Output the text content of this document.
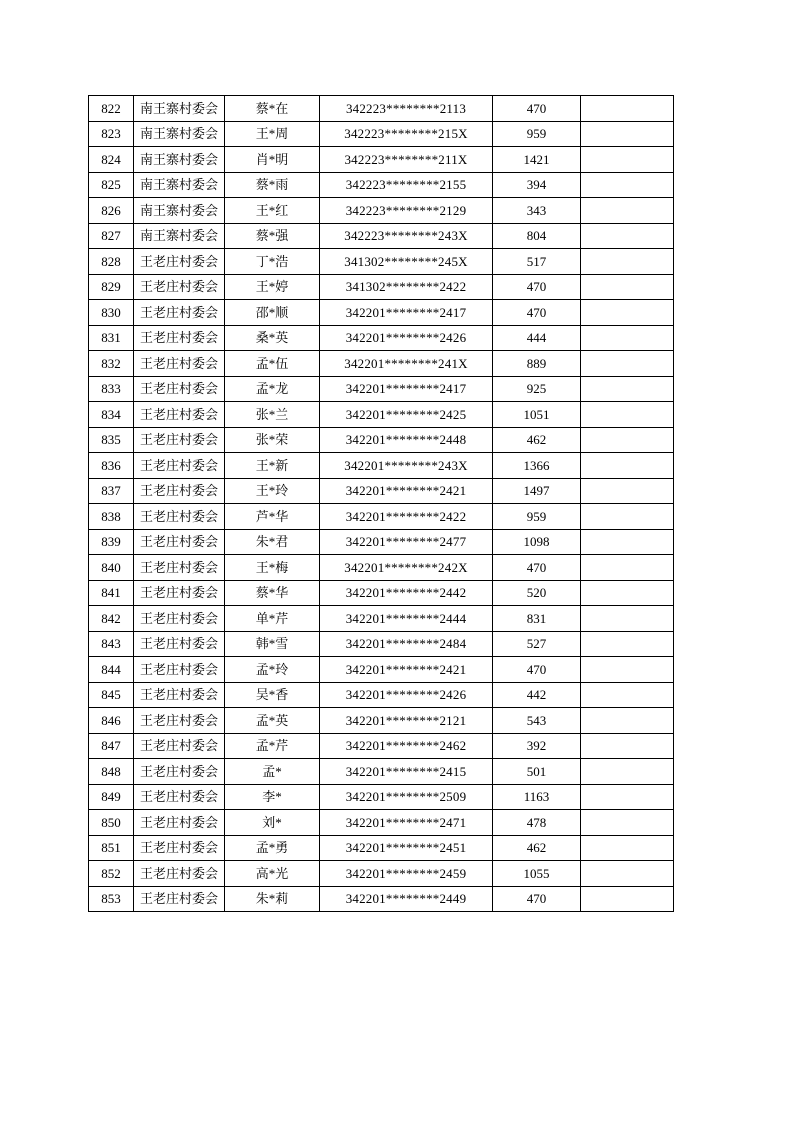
822	南王寨村委会	蔡*在	342223********2113	470	
823	南王寨村委会	王*周	342223********215X	959	
824	南王寨村委会	肖*明	342223********211X	1421	
825	南王寨村委会	蔡*雨	342223********2155	394	
826	南王寨村委会	王*红	342223********2129	343	
827	南王寨村委会	蔡*强	342223********243X	804	
828	王老庄村委会	丁*浩	341302********245X	517	
829	王老庄村委会	王*婷	341302********2422	470	
830	王老庄村委会	邵*顺	342201********2417	470	
831	王老庄村委会	桑*英	342201********2426	444	
832	王老庄村委会	孟*伍	342201********241X	889	
833	王老庄村委会	孟*龙	342201********2417	925	
834	王老庄村委会	张*兰	342201********2425	1051	
835	王老庄村委会	张*荣	342201********2448	462	
836	王老庄村委会	王*新	342201********243X	1366	
837	王老庄村委会	王*玲	342201********2421	1497	
838	王老庄村委会	芦*华	342201********2422	959	
839	王老庄村委会	朱*君	342201********2477	1098	
840	王老庄村委会	王*梅	342201********242X	470	
841	王老庄村委会	蔡*华	342201********2442	520	
842	王老庄村委会	单*芹	342201********2444	831	
843	王老庄村委会	韩*雪	342201********2484	527	
844	王老庄村委会	孟*玲	342201********2421	470	
845	王老庄村委会	吴*香	342201********2426	442	
846	王老庄村委会	孟*英	342201********2121	543	
847	王老庄村委会	孟*芹	342201********2462	392	
848	王老庄村委会	孟*	342201********2415	501	
849	王老庄村委会	李*	342201********2509	1163	
850	王老庄村委会	刘*	342201********2471	478	
851	王老庄村委会	孟*勇	342201********2451	462	
852	王老庄村委会	高*光	342201********2459	1055	
853	王老庄村委会	朱*莉	342201********2449	470	
